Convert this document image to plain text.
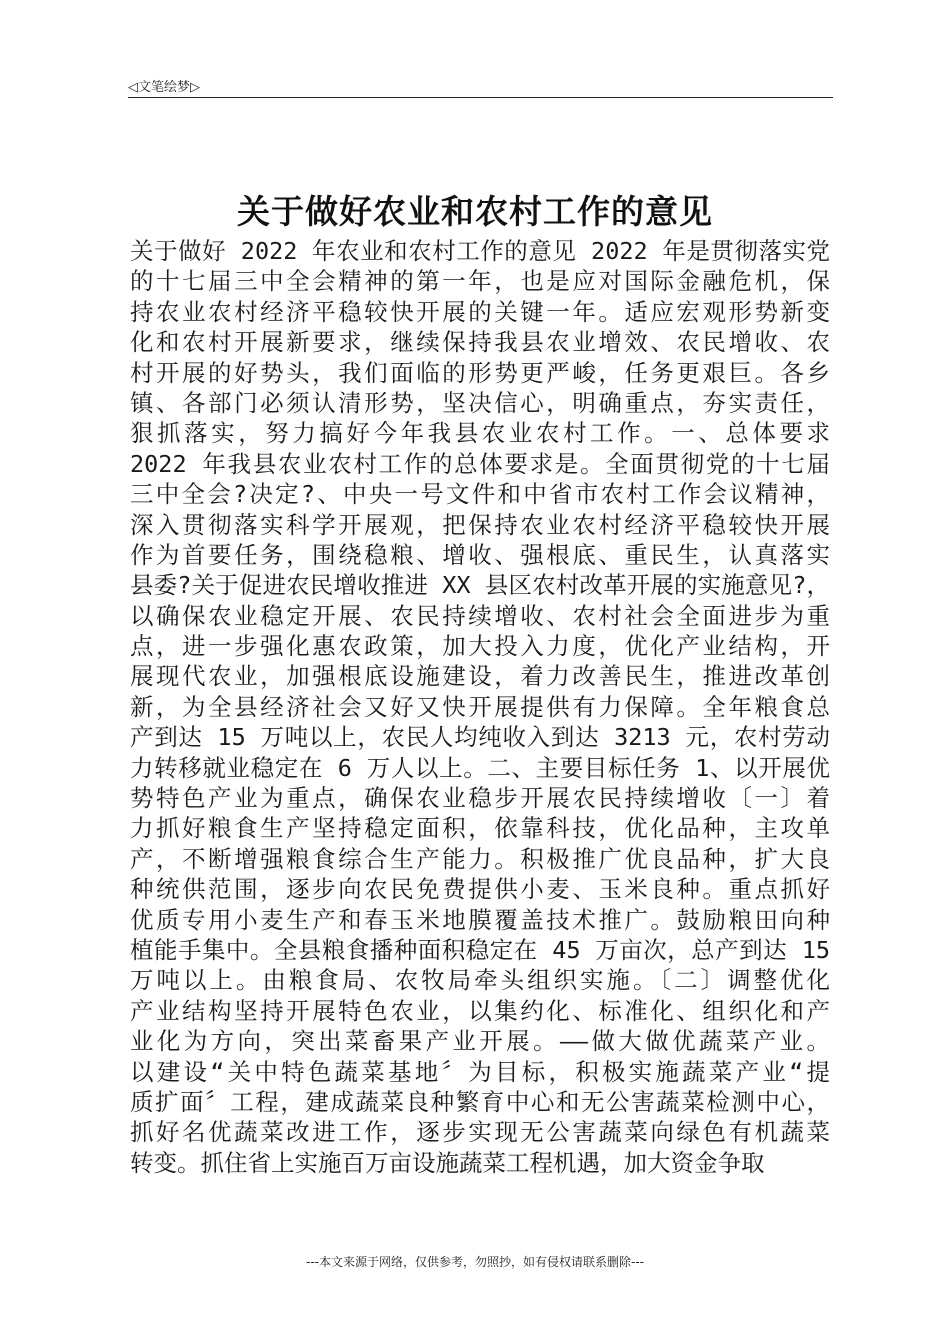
◁文笔绘梦▷
关于做好农业和农村工作的意见
关于做好 2022 年农业和农村工作的意见 2022 年是贯彻落实党
的十七届三中全会精神的第一年，也是应对国际金融危机，保
持农业农村经济平稳较快开展的关键一年。适应宏观形势新变
化和农村开展新要求，继续保持我县农业增效、农民增收、农
村开展的好势头，我们面临的形势更严峻，任务更艰巨。各乡
镇、各部门必须认清形势，坚决信心，明确重点，夯实责任，
狠抓落实，努力搞好今年我县农业农村工作。一、总体要求
2022 年我县农业农村工作的总体要求是。全面贯彻党的十七届
三中全会?决定?、中央一号文件和中省市农村工作会议精神，
深入贯彻落实科学开展观，把保持农业农村经济平稳较快开展
作为首要任务，围绕稳粮、增收、强根底、重民生，认真落实
县委?关于促进农民增收推进 XX 县区农村改革开展的实施意见?，
以确保农业稳定开展、农民持续增收、农村社会全面进步为重
点，进一步强化惠农政策，加大投入力度，优化产业结构，开
展现代农业，加强根底设施建设，着力改善民生，推进改革创
新，为全县经济社会又好又快开展提供有力保障。全年粮食总
产到达 15 万吨以上，农民人均纯收入到达 3213 元，农村劳动
力转移就业稳定在 6 万人以上。二、主要目标任务 1、以开展优
势特色产业为重点，确保农业稳步开展农民持续增收〔一〕着
力抓好粮食生产坚持稳定面积，依靠科技，优化品种，主攻单
产，不断增强粮食综合生产能力。积极推广优良品种，扩大良
种统供范围，逐步向农民免费提供小麦、玉米良种。重点抓好
优质专用小麦生产和春玉米地膜覆盖技术推广。鼓励粮田向种
植能手集中。全县粮食播种面积稳定在 45 万亩次，总产到达 15
万吨以上。由粮食局、农牧局牵头组织实施。〔二〕调整优化
产业结构坚持开展特色农业，以集约化、标准化、组织化和产
业化为方向，突出菜畜果产业开展。——做大做优蔬菜产业。
以建设“关中特色蔬菜基地〞为目标，积极实施蔬菜产业“提
质扩面〞工程，建成蔬菜良种繁育中心和无公害蔬菜检测中心，
抓好名优蔬菜改进工作，逐步实现无公害蔬菜向绿色有机蔬菜
转变。抓住省上实施百万亩设施蔬菜工程机遇，加大资金争取
---本文来源于网络，仅供参考，勿照抄，如有侵权请联系删除---
